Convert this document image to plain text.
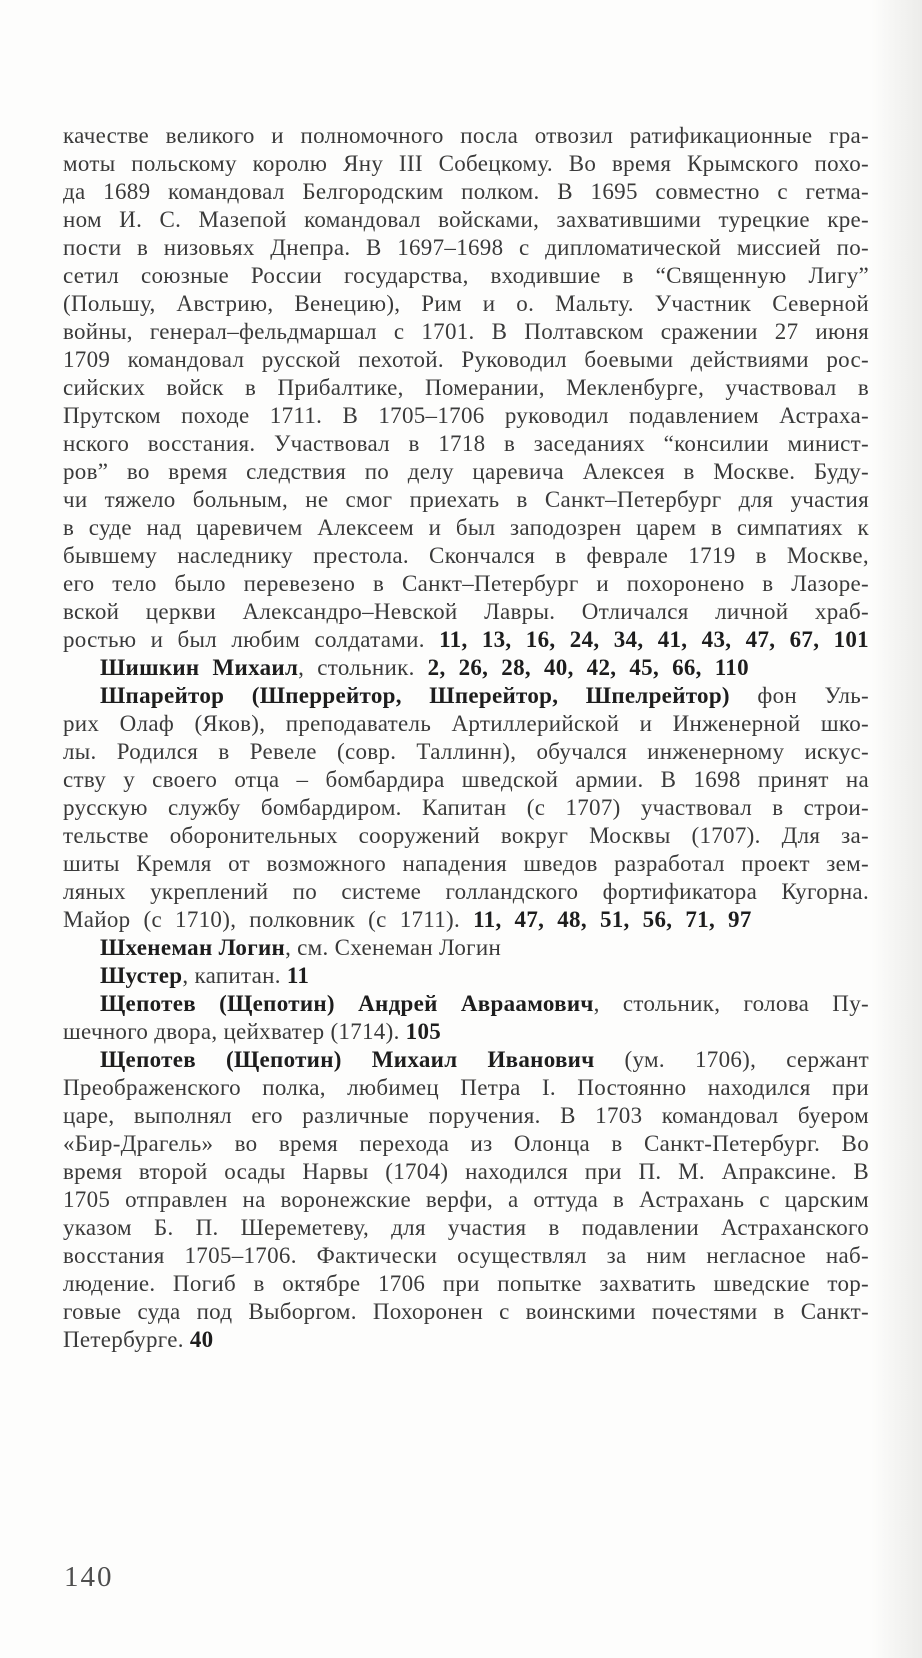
качестве великого и полномочного посла отвозил ратификационные гра-
моты польскому королю Яну III Собецкому. Во время Крымского похо-
да 1689 командовал Белгородским полком. В 1695 совместно с гетма-
ном И. С. Мазепой командовал войсками, захватившими турецкие кре-
пости в низовьях Днепра. В 1697–1698 с дипломатической миссией по-
сетил союзные России государства, входившие в “Священную Лигу”
(Польшу, Австрию, Венецию), Рим и о. Мальту. Участник Северной
войны, генерал–фельдмаршал с 1701. В Полтавском сражении 27 июня
1709 командовал русской пехотой. Руководил боевыми действиями рос-
сийских войск в Прибалтике, Померании, Мекленбурге, участвовал в
Прутском походе 1711. В 1705–1706 руководил подавлением Астраха-
нского восстания. Участвовал в 1718 в заседаниях “консилии минист-
ров” во время следствия по делу царевича Алексея в Москве. Буду-
чи тяжело больным, не смог приехать в Санкт–Петербург для участия
в суде над царевичем Алексеем и был заподозрен царем в симпатиях к
бывшему наследнику престола. Скончался в феврале 1719 в Москве,
его тело было перевезено в Санкт–Петербург и похоронено в Лазоре-
вской церкви Александро–Невской Лавры. Отличался личной храб-
ростью и был любим солдатами. 11, 13, 16, 24, 34, 41, 43, 47, 67, 101
Шишкин Михаил, стольник. 2, 26, 28, 40, 42, 45, 66, 110
Шпарейтор (Шперрейтор, Шперейтор, Шпелрейтор) фон Уль-
рих Олаф (Яков), преподаватель Артиллерийской и Инженерной шко-
лы. Родился в Ревеле (совр. Таллинн), обучался инженерному искус-
ству у своего отца – бомбардира шведской армии. В 1698 принят на
русскую службу бомбардиром. Капитан (с 1707) участвовал в строи-
тельстве оборонительных сооружений вокруг Москвы (1707). Для за-
шиты Кремля от возможного нападения шведов разработал проект зем-
ляных укреплений по системе голландского фортификатора Кугорна.
Майор (с 1710), полковник (с 1711). 11, 47, 48, 51, 56, 71, 97
Шхенеман Логин, см. Схенеман Логин
Шустер, капитан. 11
Щепотев (Щепотин) Андрей Авраамович, стольник, голова Пу-
шечного двора, цейхватер (1714). 105
Щепотев (Щепотин) Михаил Иванович (ум. 1706), сержант
Преображенского полка, любимец Петра I. Постоянно находился при
царе, выполнял его различные поручения. В 1703 командовал буером
«Бир-Драгель» во время перехода из Олонца в Санкт-Петербург. Во
время второй осады Нарвы (1704) находился при П. М. Апраксине. В
1705 отправлен на воронежские верфи, а оттуда в Астрахань с царским
указом Б. П. Шереметеву, для участия в подавлении Астраханского
восстания 1705–1706. Фактически осуществлял за ним негласное наб-
людение. Погиб в октябре 1706 при попытке захватить шведские тор-
говые суда под Выборгом. Похоронен с воинскими почестями в Санкт-
Петербурге. 40
140
